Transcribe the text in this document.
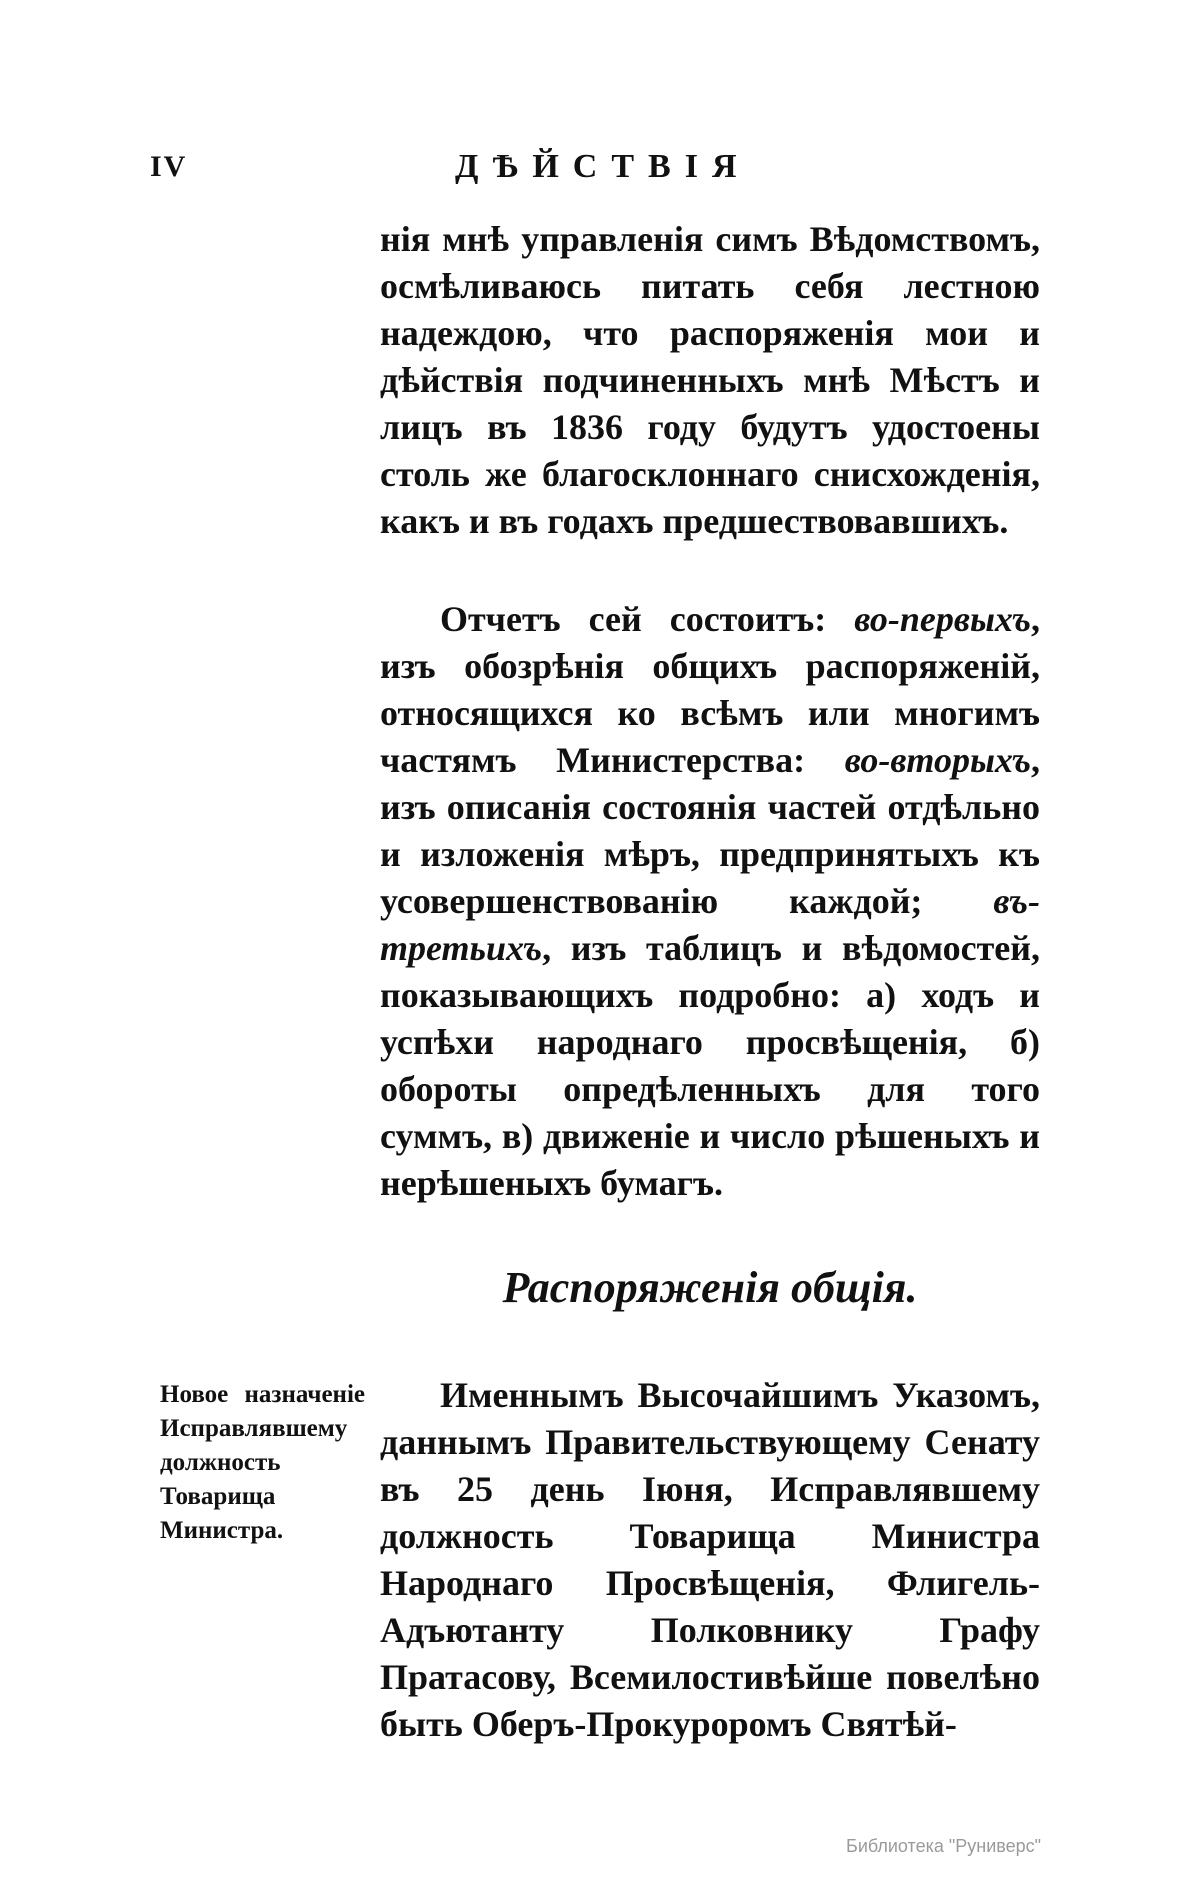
IV	ДѢЙСТВІЯ
нія мнѣ управленія симъ Вѣдомствомъ, осмѣливаюсь питать себя лестною надеждою, что распоряженія мои и дѣйствія подчиненныхъ мнѣ Мѣстъ и лицъ въ 1836 году будутъ удостоены столь же благосклоннаго снисхожденія, какъ и въ годахъ предшествовавшихъ.
Отчетъ сей состоитъ: во-первыхъ, изъ обозрѣнія общихъ распоряженій, относящихся ко всѣмъ или многимъ частямъ Министерства: во-вторыхъ, изъ описанія состоянія частей отдѣльно и изложенія мѣръ, предпринятыхъ къ усовершенствованію каждой; въ-третьихъ, изъ таблицъ и вѣдомостей, показывающихъ подробно: а) ходъ и успѣхи народнаго просвѣщенія, б) обороты опредѣленныхъ для того суммъ, в) движеніе и число рѣшеныхъ и нерѣшеныхъ бумагъ.
Распоряженія общія.
Новое назначеніе Исправлявшему должность Товарища Министра.
Именнымъ Высочайшимъ Указомъ, даннымъ Правительствующему Сенату въ 25 день Іюня, Исправлявшему должность Товарища Министра Народнаго Просвѣщенія, Флигель-Адъютанту Полковнику Графу Пратасову, Всемилостивѣйше повелѣно быть Оберъ-Прокуроромъ Святѣй-
Библиотека "Руниверс"
